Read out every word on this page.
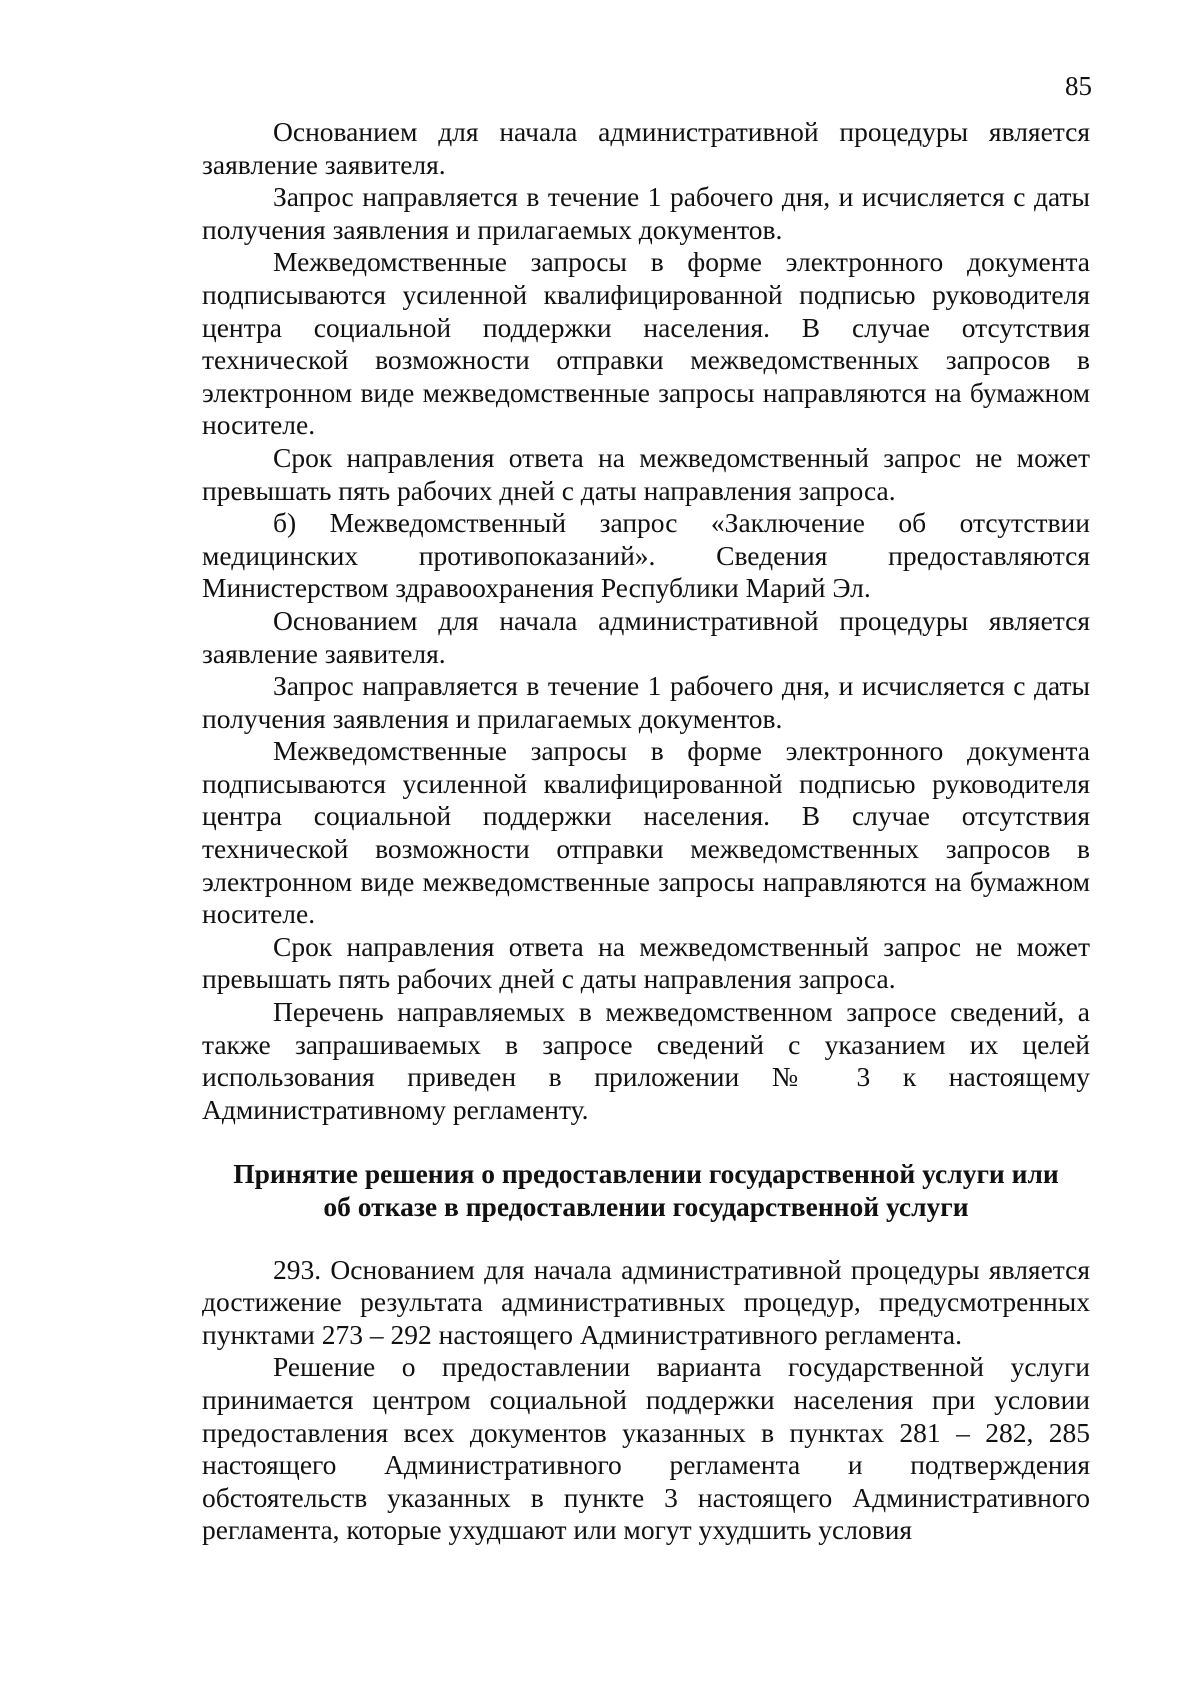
85

Основанием для начала административной процедуры является заявление заявителя.

Запрос направляется в течение 1 рабочего дня, и исчисляется с даты получения заявления и прилагаемых документов.

Межведомственные запросы в форме электронного документа подписываются усиленной квалифицированной подписью руководителя центра социальной поддержки населения. В случае отсутствия технической возможности отправки межведомственных запросов в электронном виде межведомственные запросы направляются на бумажном носителе.

Срок направления ответа на межведомственный запрос не может превышать пять рабочих дней с даты направления запроса.

б) Межведомственный запрос «Заключение об отсутствии медицинских противопоказаний». Сведения предоставляются Министерством здравоохранения Республики Марий Эл.

Основанием для начала административной процедуры является заявление заявителя.

Запрос направляется в течение 1 рабочего дня, и исчисляется с даты получения заявления и прилагаемых документов.

Межведомственные запросы в форме электронного документа подписываются усиленной квалифицированной подписью руководителя центра социальной поддержки населения. В случае отсутствия технической возможности отправки межведомственных запросов в электронном виде межведомственные запросы направляются на бумажном носителе.

Срок направления ответа на межведомственный запрос не может превышать пять рабочих дней с даты направления запроса.

Перечень направляемых в межведомственном запросе сведений, а также запрашиваемых в запросе сведений с указанием их целей использования приведен в приложении № 3 к настоящему Административному регламенту.

Принятие решения о предоставлении государственной услуги или
об отказе в предоставлении государственной услуги

293. Основанием для начала административной процедуры является достижение результата административных процедур, предусмотренных пунктами 273 – 292 настоящего Административного регламента.

Решение о предоставлении варианта государственной услуги принимается центром социальной поддержки населения при условии предоставления всех документов указанных в пунктах 281 – 282, 285 настоящего Административного регламента и подтверждения обстоятельств указанных в пункте 3 настоящего Административного регламента, которые ухудшают или могут ухудшить условия
